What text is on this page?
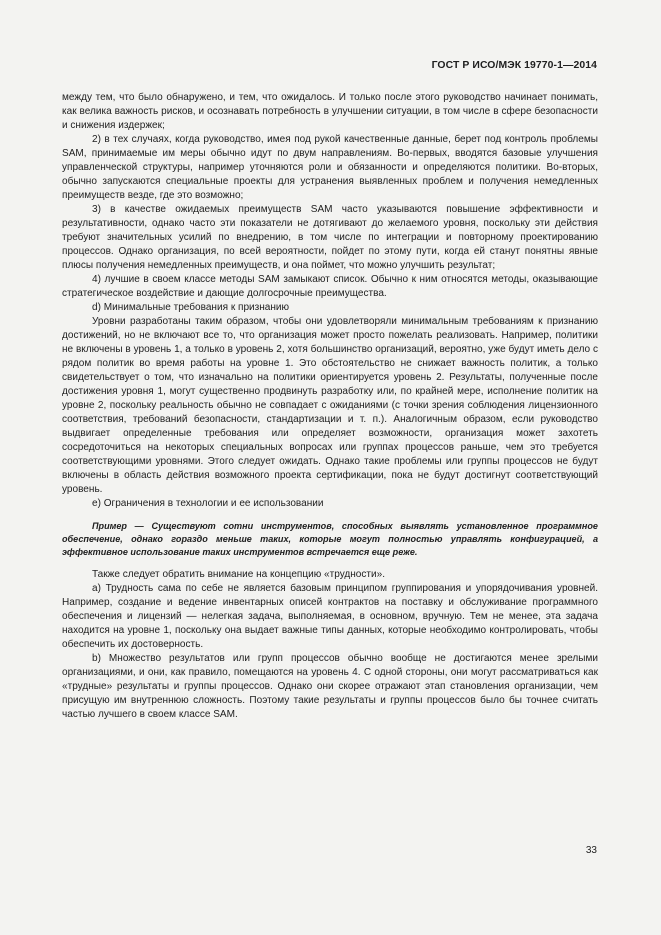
ГОСТ Р ИСО/МЭК 19770-1—2014

между тем, что было обнаружено, и тем, что ожидалось. И только после этого руководство начинает понимать, как велика важность рисков, и осознавать потребность в улучшении ситуации, в том числе в сфере безопасности и снижения издержек;

2) в тех случаях, когда руководство, имея под рукой качественные данные, берет под контроль проблемы SAM, принимаемые им меры обычно идут по двум направлениям. Во-первых, вводятся базовые улучшения управленческой структуры, например уточняются роли и обязанности и определяются политики. Во-вторых, обычно запускаются специальные проекты для устранения выявленных проблем и получения немедленных преимуществ везде, где это возможно;

3) в качестве ожидаемых преимуществ SAM часто указываются повышение эффективности и результативности, однако часто эти показатели не дотягивают до желаемого уровня, поскольку эти действия требуют значительных усилий по внедрению, в том числе по интеграции и повторному проектированию процессов. Однако организация, по всей вероятности, пойдет по этому пути, когда ей станут понятны явные плюсы получения немедленных преимуществ, и она поймет, что можно улучшить результат;

4) лучшие в своем классе методы SAM замыкают список. Обычно к ним относятся методы, оказывающие стратегическое воздействие и дающие долгосрочные преимущества.

d) Минимальные требования к признанию

Уровни разработаны таким образом, чтобы они удовлетворяли минимальным требованиям к признанию достижений, но не включают все то, что организация может просто пожелать реализовать. Например, политики не включены в уровень 1, а только в уровень 2, хотя большинство организаций, вероятно, уже будут иметь дело с рядом политик во время работы на уровне 1. Это обстоятельство не снижает важность политик, а только свидетельствует о том, что изначально на политики ориентируется уровень 2. Результаты, полученные после достижения уровня 1, могут существенно продвинуть разработку или, по крайней мере, исполнение политик на уровне 2, поскольку реальность обычно не совпадает с ожиданиями (с точки зрения соблюдения лицензионного соответствия, требований безопасности, стандартизации и т. п.). Аналогичным образом, если руководство выдвигает определенные требования или определяет возможности, организация может захотеть сосредоточиться на некоторых специальных вопросах или группах процессов раньше, чем это требуется соответствующими уровнями. Этого следует ожидать. Однако такие проблемы или группы процессов не будут включены в область действия возможного проекта сертификации, пока не будут достигнут соответствующий уровень.

e) Ограничения в технологии и ее использовании

Пример — Существуют сотни инструментов, способных выявлять установленное программное обеспечение, однако гораздо меньше таких, которые могут полностью управлять конфигурацией, а эффективное использование таких инструментов встречается еще реже.

Также следует обратить внимание на концепцию «трудности».

a) Трудность сама по себе не является базовым принципом группирования и упорядочивания уровней. Например, создание и ведение инвентарных описей контрактов на поставку и обслуживание программного обеспечения и лицензий — нелегкая задача, выполняемая, в основном, вручную. Тем не менее, эта задача находится на уровне 1, поскольку она выдает важные типы данных, которые необходимо контролировать, чтобы обеспечить их достоверность.

b) Множество результатов или групп процессов обычно вообще не достигаются менее зрелыми организациями, и они, как правило, помещаются на уровень 4. С одной стороны, они могут рассматриваться как «трудные» результаты и группы процессов. Однако они скорее отражают этап становления организации, чем присущую им внутреннюю сложность. Поэтому такие результаты и группы процессов было бы точнее считать частью лучшего в своем классе SAM.

33
